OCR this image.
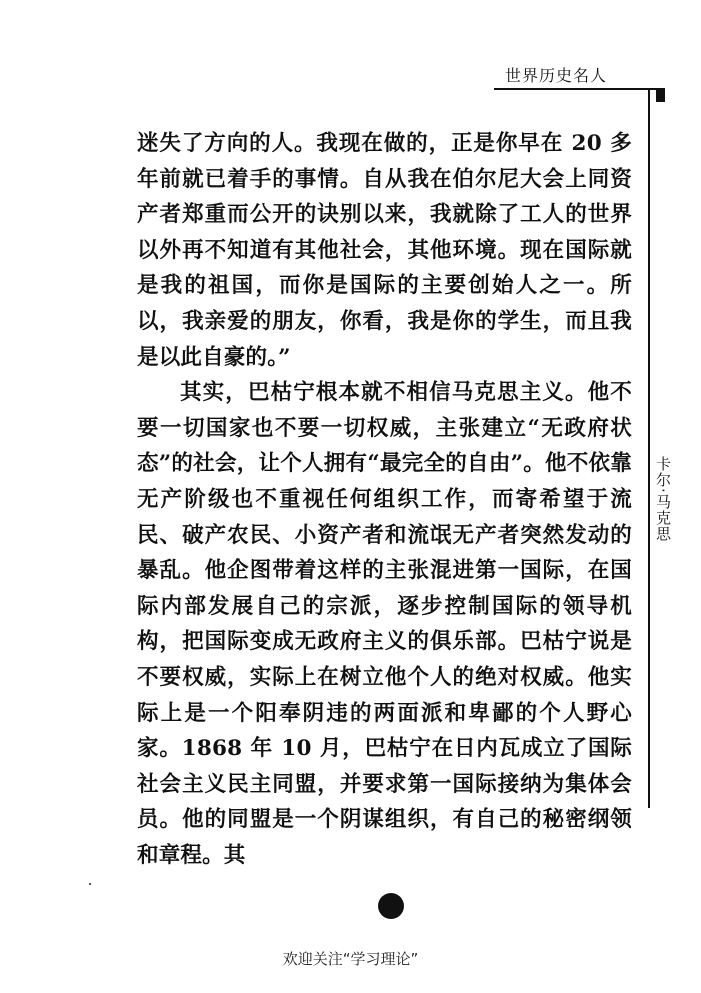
世界历史名人
卡尔·马克思

迷失了方向的人。我现在做的，正是你早在 20 多年前就已着手的事情。自从我在伯尔尼大会上同资产者郑重而公开的诀别以来，我就除了工人的世界以外再不知道有其他社会，其他环境。现在国际就是我的祖国，而你是国际的主要创始人之一。所以，我亲爱的朋友，你看，我是你的学生，而且我是以此自豪的。”

其实，巴枯宁根本就不相信马克思主义。他不要一切国家也不要一切权威，主张建立“无政府状态”的社会，让个人拥有“最完全的自由”。他不依靠无产阶级也不重视任何组织工作，而寄希望于流民、破产农民、小资产者和流氓无产者突然发动的暴乱。他企图带着这样的主张混进第一国际，在国际内部发展自己的宗派，逐步控制国际的领导机构，把国际变成无政府主义的俱乐部。巴枯宁说是不要权威，实际上在树立他个人的绝对权威。他实际上是一个阳奉阴违的两面派和卑鄙的个人野心家。1868 年 10 月，巴枯宁在日内瓦成立了国际社会主义民主同盟，并要求第一国际接纳为集体会员。他的同盟是一个阴谋组织，有自己的秘密纲领和章程。其

欢迎关注“学习理论”
